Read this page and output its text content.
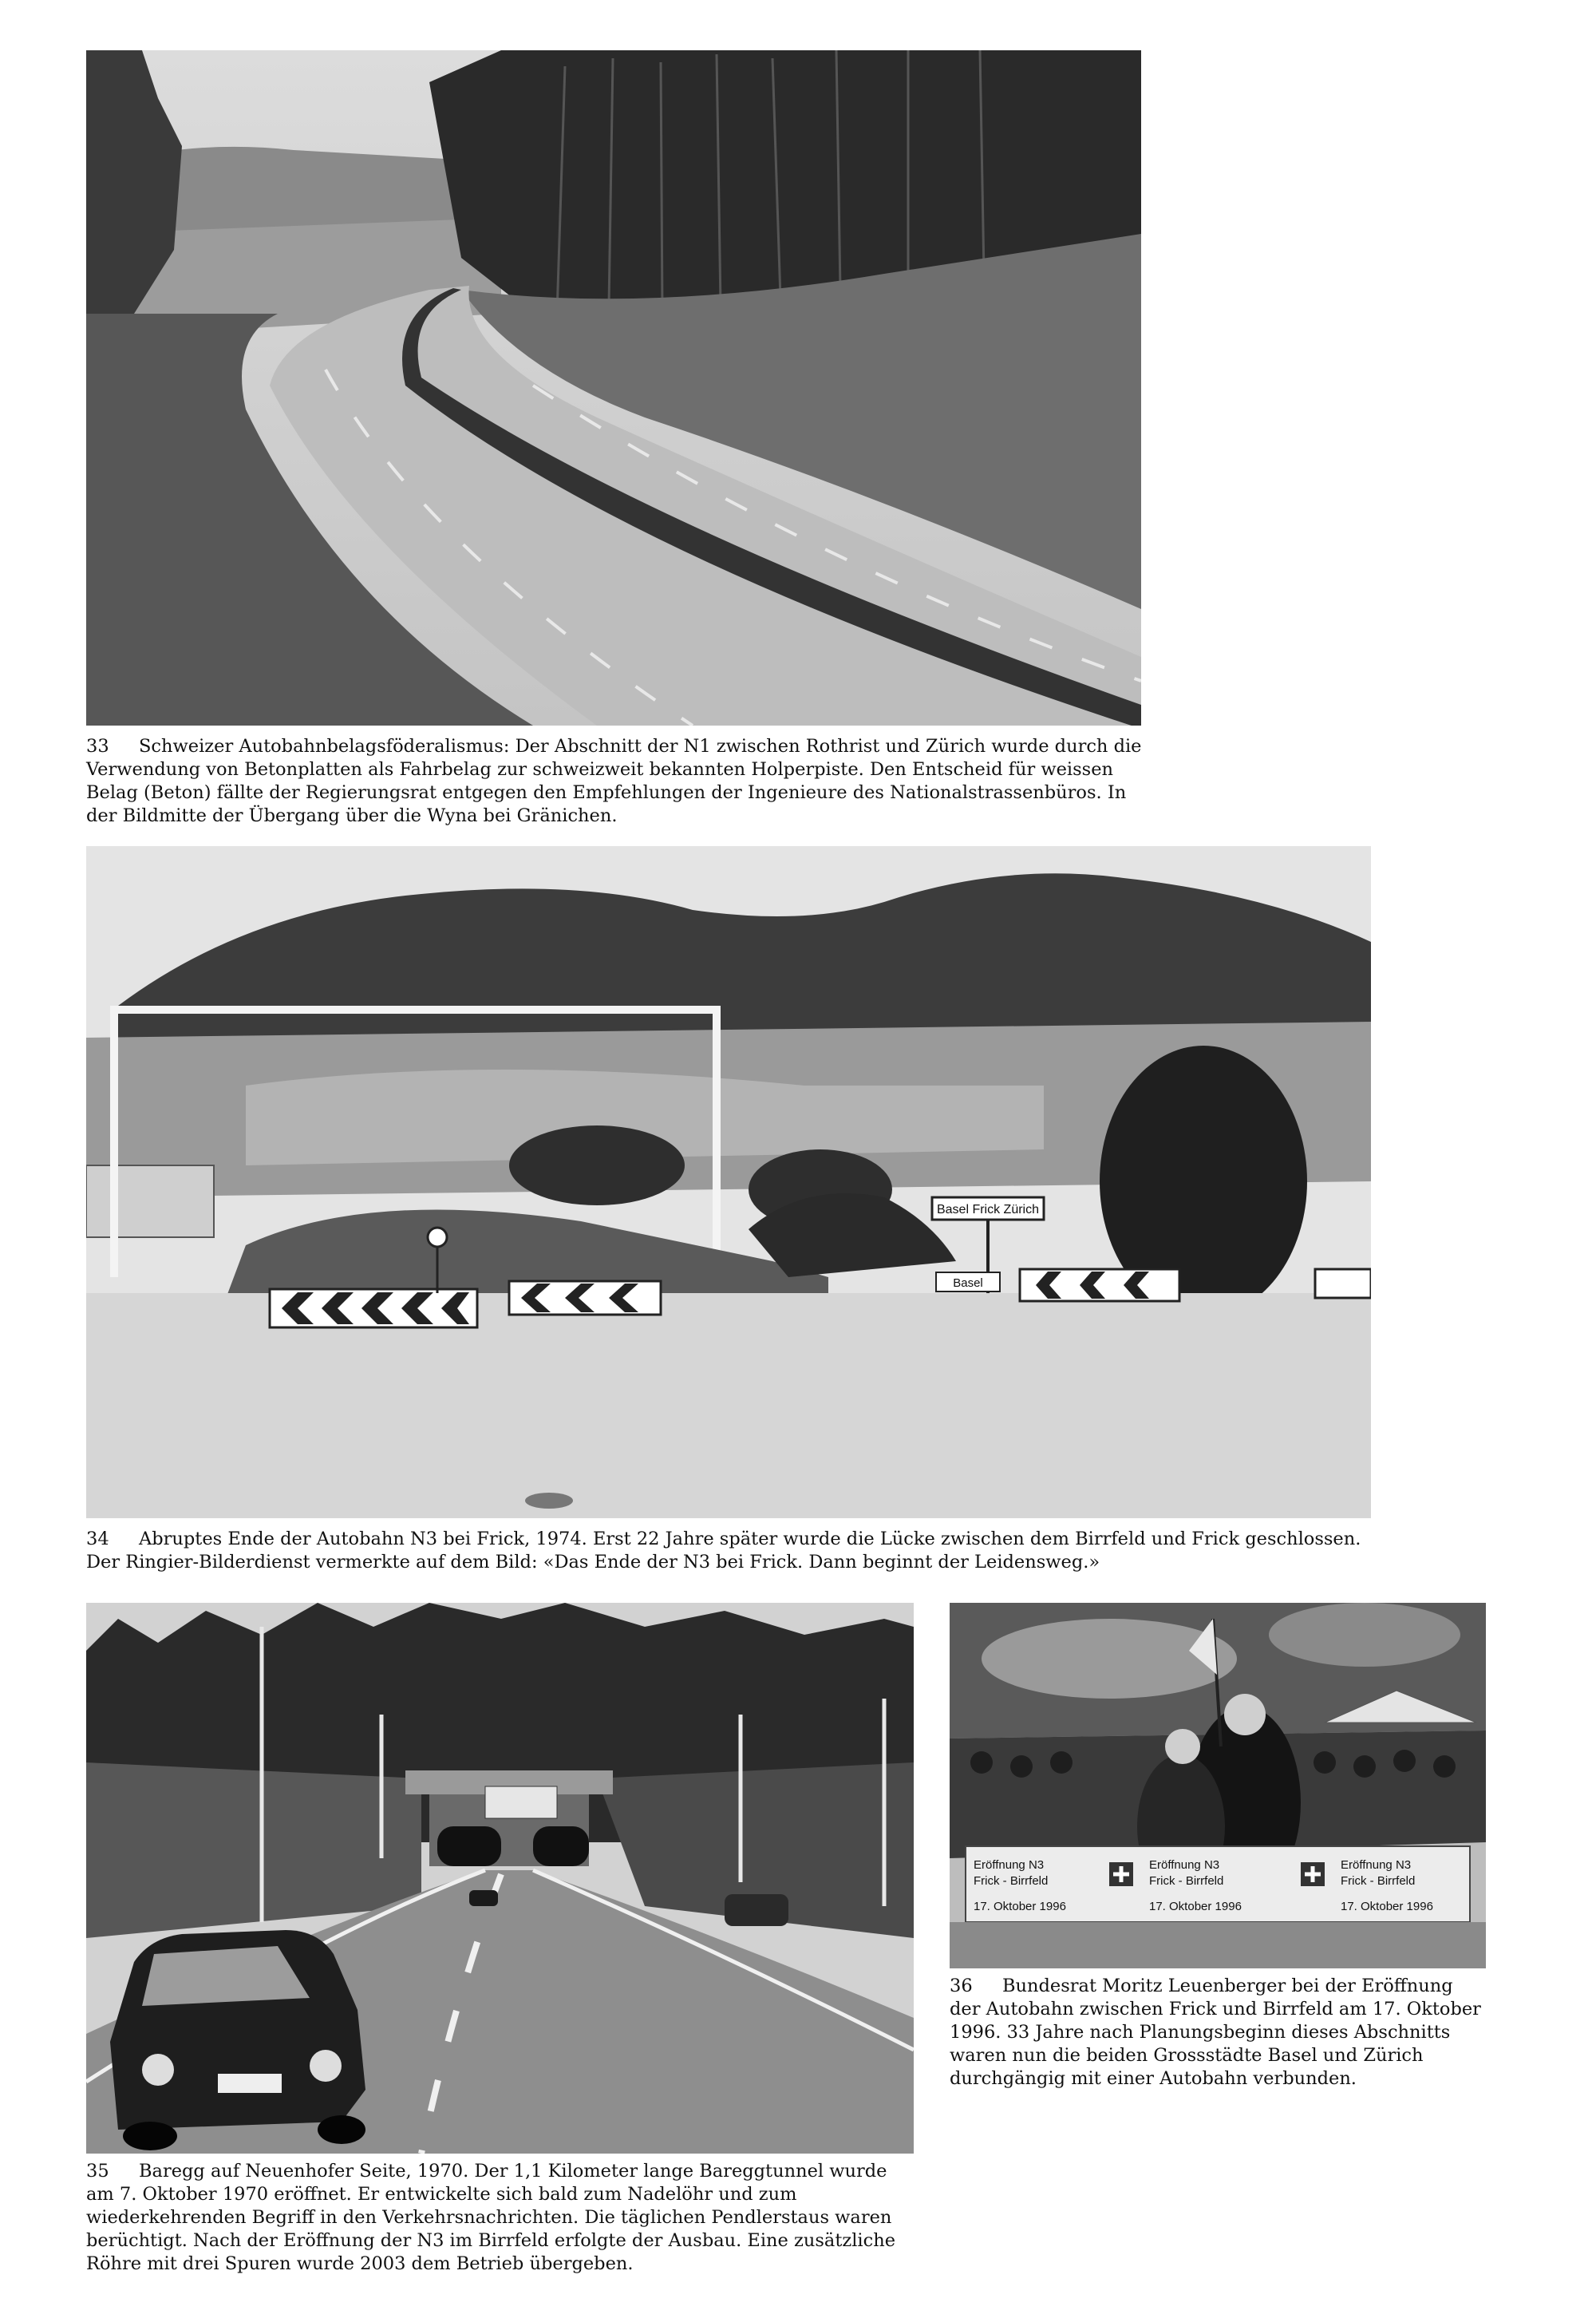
33 Schweizer Autobahnbelagsföderalismus: Der Abschnitt der N1 zwischen Rothrist und Zürich wurde durch die Verwendung von Betonplatten als Fahrbelag zur schweizweit bekannten Holperpiste. Den Entscheid für weissen Belag (Beton) fällte der Regierungsrat entgegen den Empfehlungen der Ingenieure des Nationalstrassenbüros. In der Bildmitte der Übergang über die Wyna bei Gränichen.

Basel Frick Zürich
Basel

34 Abruptes Ende der Autobahn N3 bei Frick, 1974. Erst 22 Jahre später wurde die Lücke zwischen dem Birrfeld und Frick geschlossen. Der Ringier-Bilderdienst vermerkte auf dem Bild: «Das Ende der N3 bei Frick. Dann beginnt der Leidensweg.»

35 Baregg auf Neuenhofer Seite, 1970. Der 1,1 Kilometer lange Bareggtunnel wurde am 7. Oktober 1970 eröffnet. Er entwickelte sich bald zum Nadelöhr und zum wiederkehrenden Begriff in den Verkehrsnachrichten. Die täglichen Pendlerstaus waren berüchtigt. Nach der Eröffnung der N3 im Birrfeld erfolgte der Ausbau. Eine zusätzliche Röhre mit drei Spuren wurde 2003 dem Betrieb übergeben.

Eröffnung N3
Frick - Birrfeld
17. Oktober 1996
Eröffnung N3
Frick - Birrfeld
17. Oktober 1996
Eröffnung N3
Frick - Birrfeld
17. Oktober 1996

36 Bundesrat Moritz Leuenberger bei der Eröffnung der Autobahn zwischen Frick und Birrfeld am 17. Oktober 1996. 33 Jahre nach Planungsbeginn dieses Abschnitts waren nun die beiden Grossstädte Basel und Zürich durchgängig mit einer Autobahn verbunden.
